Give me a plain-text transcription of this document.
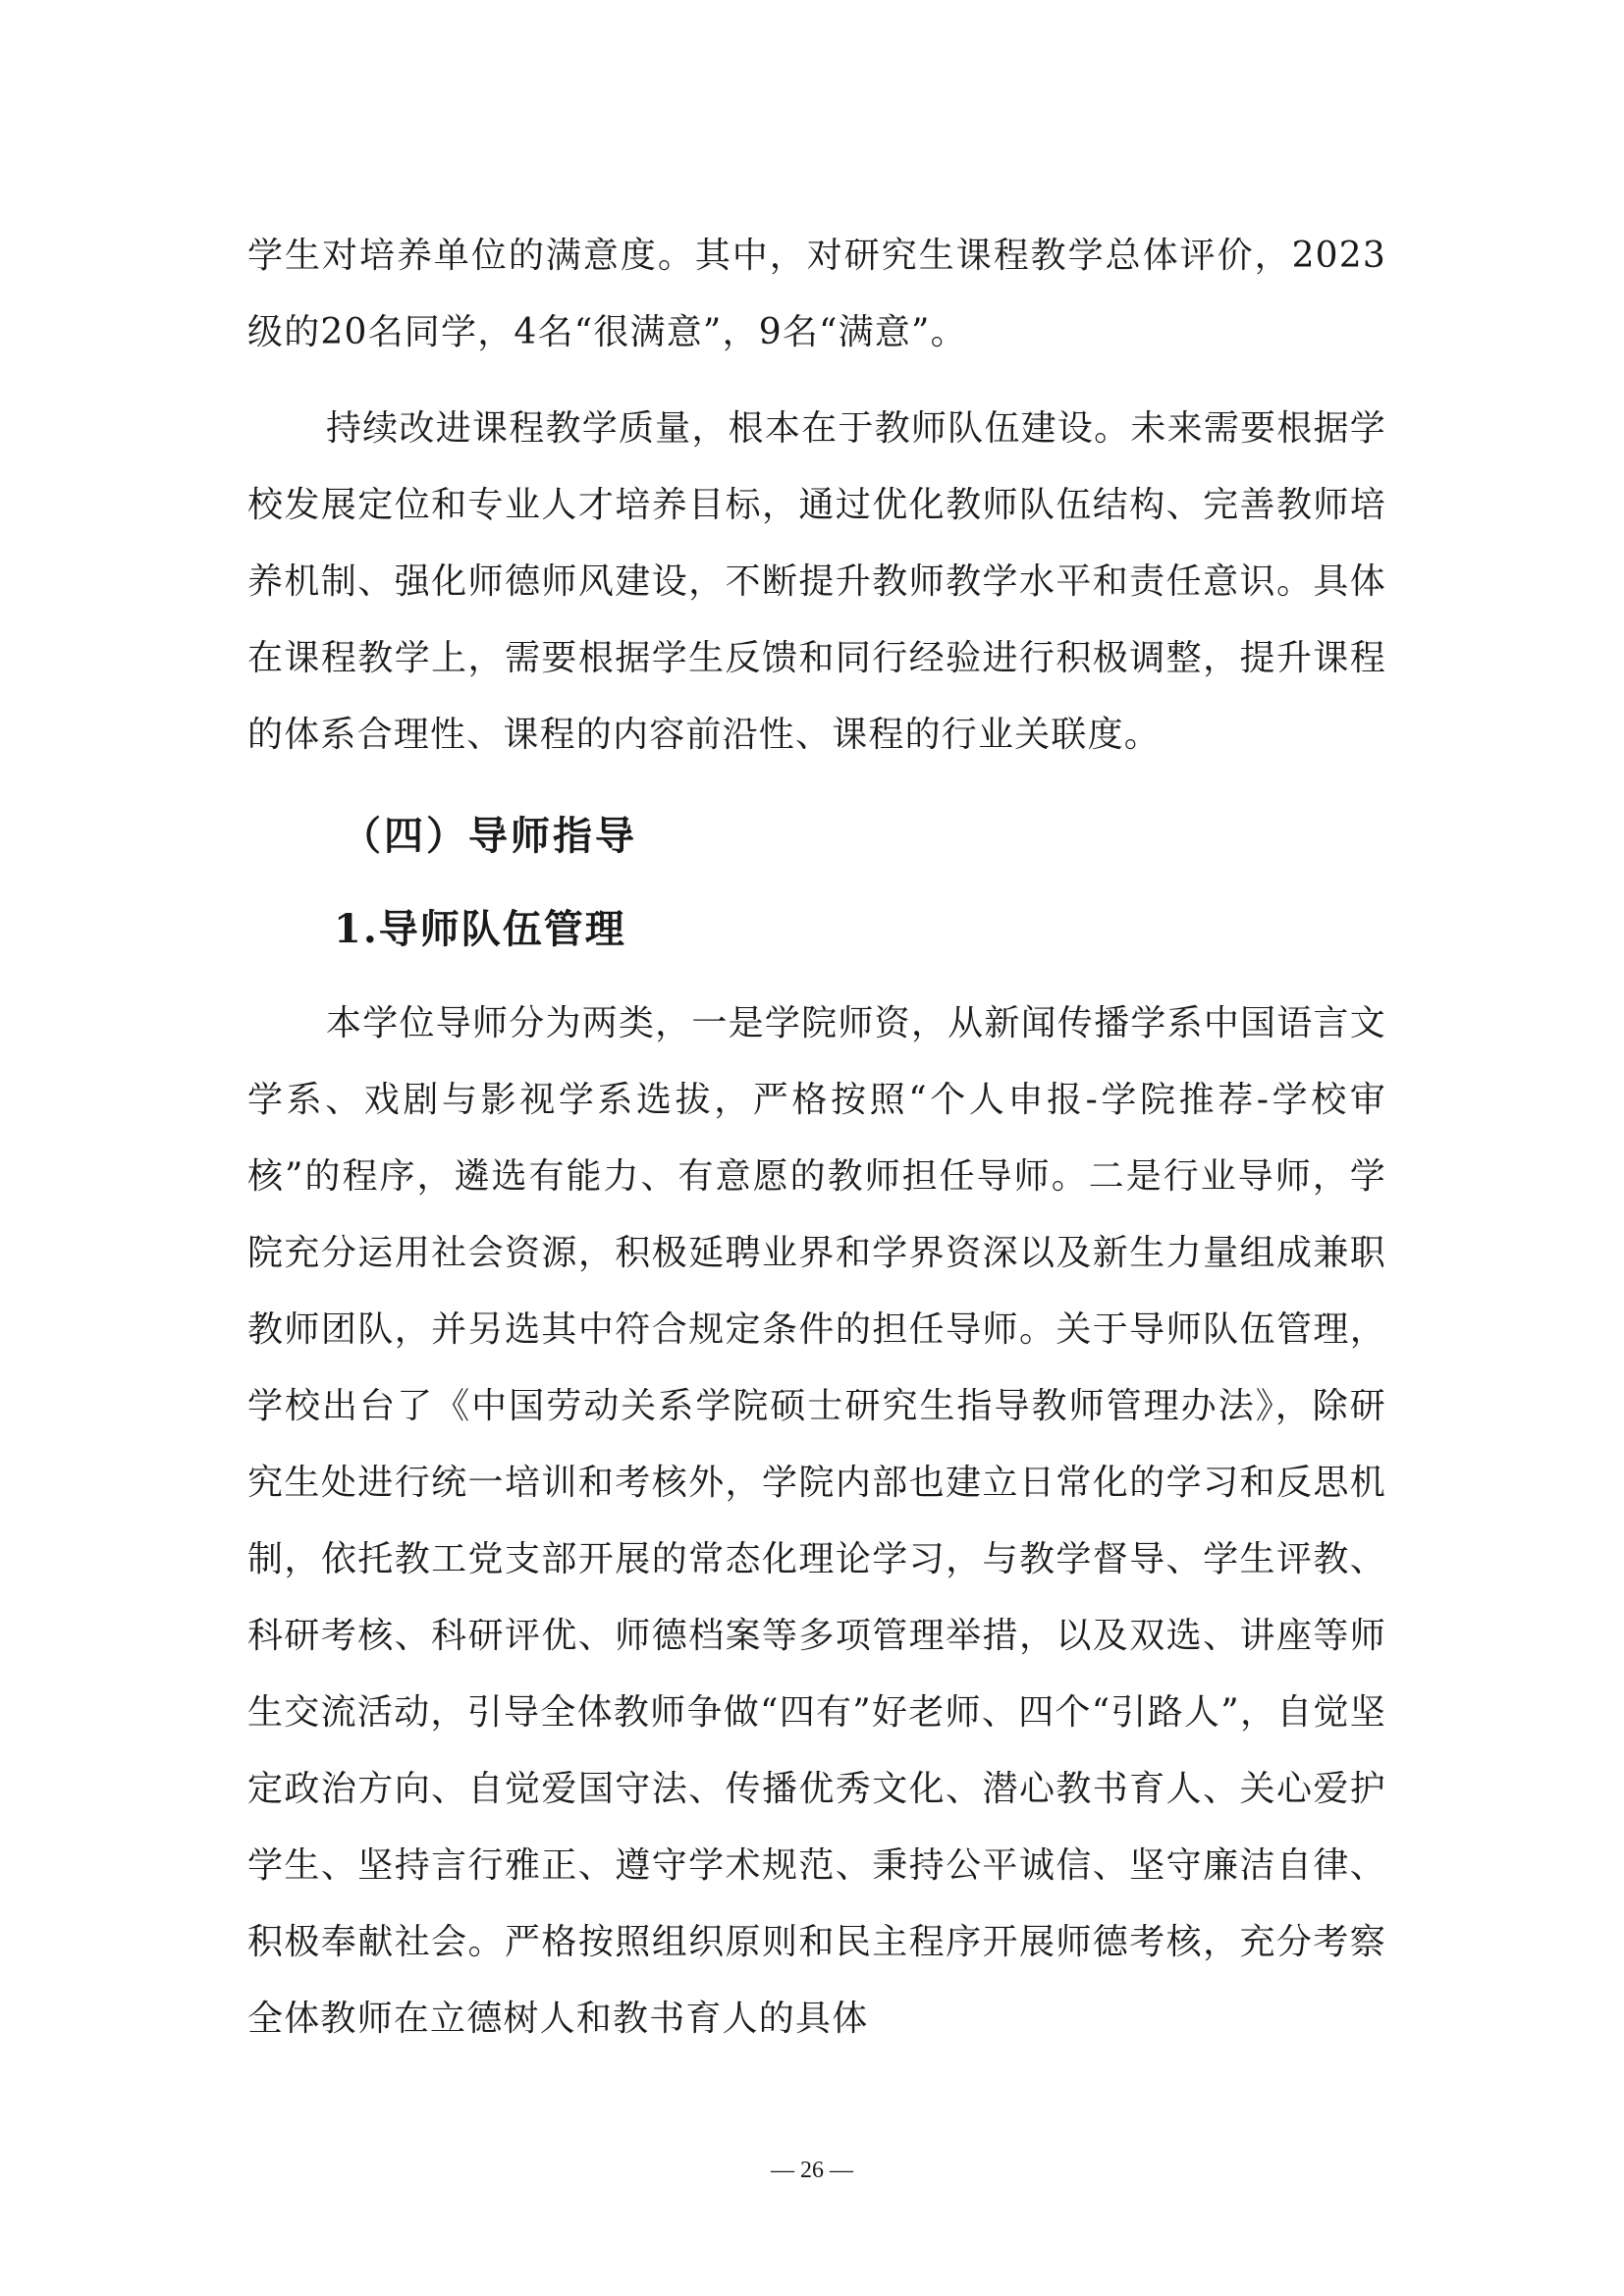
学生对培养单位的满意度。其中，对研究生课程教学总体评价，2023级的20名同学，4名“很满意”，9名“满意”。

持续改进课程教学质量，根本在于教师队伍建设。未来需要根据学校发展定位和专业人才培养目标，通过优化教师队伍结构、完善教师培养机制、强化师德师风建设，不断提升教师教学水平和责任意识。具体在课程教学上，需要根据学生反馈和同行经验进行积极调整，提升课程的体系合理性、课程的内容前沿性、课程的行业关联度。

（四）导师指导
1.导师队伍管理

本学位导师分为两类，一是学院师资，从新闻传播学系中国语言文学系、戏剧与影视学系选拔，严格按照“个人申报-学院推荐-学校审核”的程序，遴选有能力、有意愿的教师担任导师。二是行业导师，学院充分运用社会资源，积极延聘业界和学界资深以及新生力量组成兼职教师团队，并另选其中符合规定条件的担任导师。关于导师队伍管理，学校出台了《中国劳动关系学院硕士研究生指导教师管理办法》，除研究生处进行统一培训和考核外，学院内部也建立日常化的学习和反思机制，依托教工党支部开展的常态化理论学习，与教学督导、学生评教、科研考核、科研评优、师德档案等多项管理举措，以及双选、讲座等师生交流活动，引导全体教师争做“四有”好老师、四个“引路人”，自觉坚定政治方向、自觉爱国守法、传播优秀文化、潜心教书育人、关心爱护学生、坚持言行雅正、遵守学术规范、秉持公平诚信、坚守廉洁自律、积极奉献社会。严格按照组织原则和民主程序开展师德考核，充分考察全体教师在立德树人和教书育人的具体

— 26 —
